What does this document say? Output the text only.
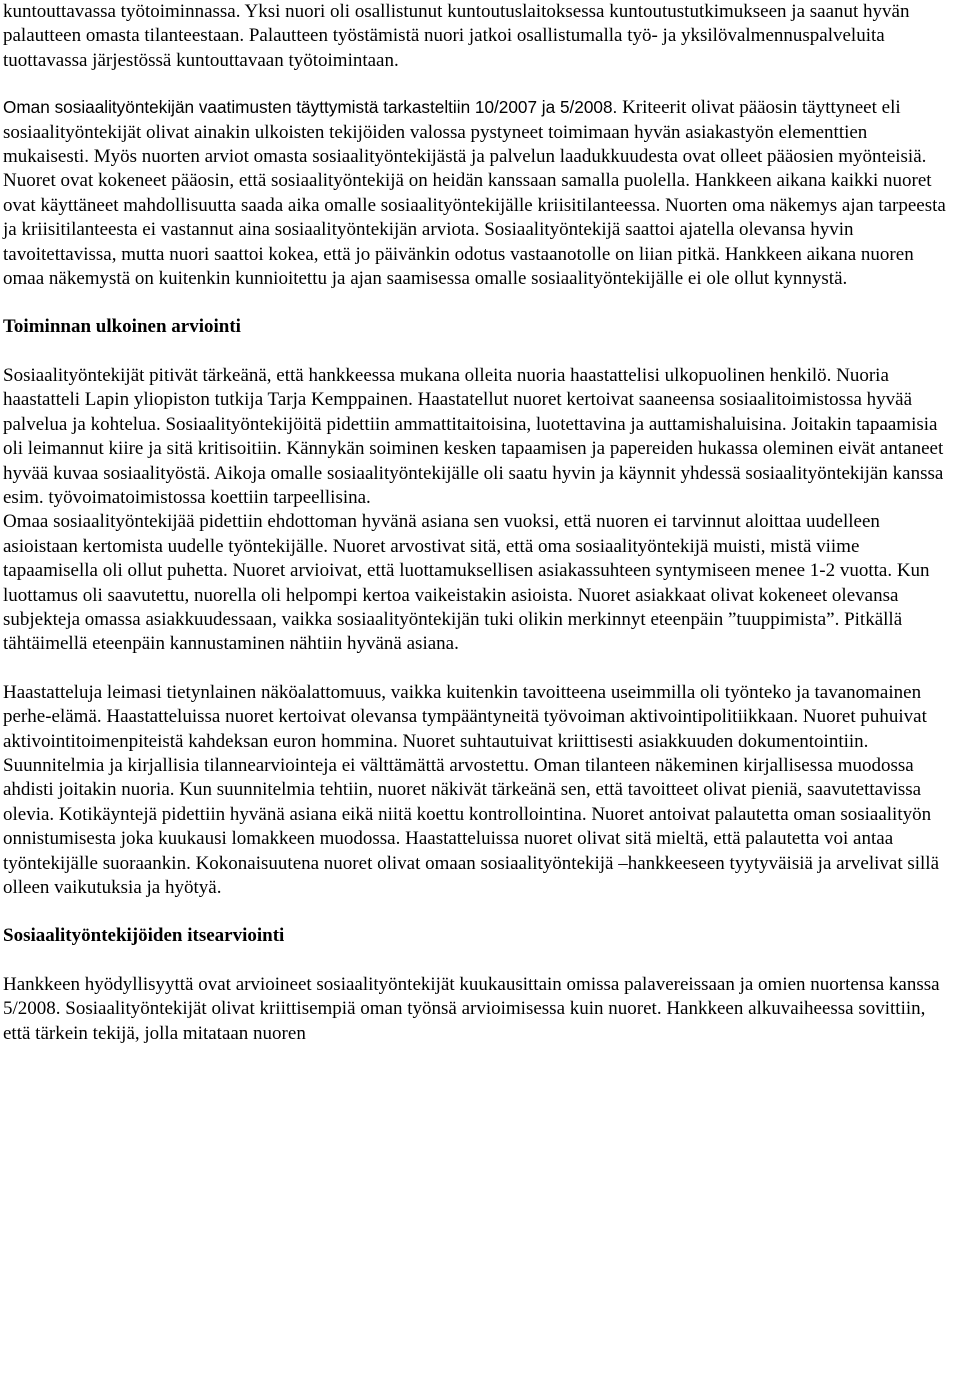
kuntouttavassa työtoiminnassa. Yksi nuori oli osallistunut kuntoutuslaitoksessa kuntoutustutkimukseen ja saanut hyvän palautteen omasta tilanteestaan. Palautteen työstämistä nuori jatkoi osallistumalla työ- ja yksilövalmennuspalveluita tuottavassa järjestössä kuntouttavaan työtoimintaan.

Oman sosiaalityöntekijän vaatimusten täyttymistä tarkasteltiin 10/2007 ja 5/2008. Kriteerit olivat pääosin täyttyneet eli sosiaalityöntekijät olivat ainakin ulkoisten tekijöiden valossa pystyneet toimimaan hyvän asiakastyön elementtien mukaisesti. Myös nuorten arviot omasta sosiaalityöntekijästä ja palvelun laadukkuudesta ovat olleet pääosien myönteisiä. Nuoret ovat kokeneet pääosin, että sosiaalityöntekijä on heidän kanssaan samalla puolella. Hankkeen aikana kaikki nuoret ovat käyttäneet mahdollisuutta saada aika omalle sosiaalityöntekijälle kriisitilanteessa. Nuorten oma näkemys ajan tarpeesta ja kriisitilanteesta ei vastannut aina sosiaalityöntekijän arviota. Sosiaalityöntekijä saattoi ajatella olevansa hyvin tavoitettavissa, mutta nuori saattoi kokea, että jo päivänkin odotus vastaanotolle on liian pitkä. Hankkeen aikana nuoren omaa näkemystä on kuitenkin kunnioitettu ja ajan saamisessa omalle sosiaalityöntekijälle ei ole ollut kynnystä.

Toiminnan ulkoinen arviointi

Sosiaalityöntekijät pitivät tärkeänä, että hankkeessa mukana olleita nuoria haastattelisi ulkopuolinen henkilö. Nuoria haastatteli Lapin yliopiston tutkija Tarja Kemppainen. Haastatellut nuoret kertoivat saaneensa sosiaalitoimistossa hyvää palvelua ja kohtelua. Sosiaalityöntekijöitä pidettiin ammattitaitoisina, luotettavina ja auttamishaluisina. Joitakin tapaamisia oli leimannut kiire ja sitä kritisoitiin. Kännykän soiminen kesken tapaamisen ja papereiden hukassa oleminen eivät antaneet hyvää kuvaa sosiaalityöstä. Aikoja omalle sosiaalityöntekijälle oli saatu hyvin ja käynnit yhdessä sosiaalityöntekijän kanssa esim. työvoimatoimistossa koettiin tarpeellisina.

Omaa sosiaalityöntekijää pidettiin ehdottoman hyvänä asiana sen vuoksi, että nuoren ei tarvinnut aloittaa uudelleen asioistaan kertomista uudelle työntekijälle. Nuoret arvostivat sitä, että oma sosiaalityöntekijä muisti, mistä viime tapaamisella oli ollut puhetta. Nuoret arvioivat, että luottamuksellisen asiakassuhteen syntymiseen menee 1-2 vuotta. Kun luottamus oli saavutettu, nuorella oli helpompi kertoa vaikeistakin asioista. Nuoret asiakkaat olivat kokeneet olevansa subjekteja omassa asiakkuudessaan, vaikka sosiaalityöntekijän tuki olikin merkinnyt eteenpäin ”tuuppimista”. Pitkällä tähtäimellä eteenpäin kannustaminen nähtiin hyvänä asiana.

Haastatteluja leimasi tietynlainen näköalattomuus, vaikka kuitenkin tavoitteena useimmilla oli työnteko ja tavanomainen perhe-elämä. Haastatteluissa nuoret kertoivat olevansa tympääntyneitä työvoiman aktivointipolitiikkaan. Nuoret puhuivat aktivointitoimenpiteistä kahdeksan euron hommina. Nuoret suhtautuivat kriittisesti asiakkuuden dokumentointiin. Suunnitelmia ja kirjallisia tilannearviointeja ei välttämättä arvostettu. Oman tilanteen näkeminen kirjallisessa muodossa ahdisti joitakin nuoria. Kun suunnitelmia tehtiin, nuoret näkivät tärkeänä sen, että tavoitteet olivat pieniä, saavutettavissa olevia. Kotikäyntejä pidettiin hyvänä asiana eikä niitä koettu kontrollointina. Nuoret antoivat palautetta oman sosiaalityön onnistumisesta joka kuukausi lomakkeen muodossa. Haastatteluissa nuoret olivat sitä mieltä, että palautetta voi antaa työntekijälle suoraankin. Kokonaisuutena nuoret olivat omaan sosiaalityöntekijä –hankkeeseen tyytyväisiä ja arvelivat sillä olleen vaikutuksia ja hyötyä.

Sosiaalityöntekijöiden itsearviointi

Hankkeen hyödyllisyyttä ovat arvioineet sosiaalityöntekijät kuukausittain omissa palavereissaan ja omien nuortensa kanssa 5/2008. Sosiaalityöntekijät olivat kriittisempiä oman työnsä arvioimisessa kuin nuoret. Hankkeen alkuvaiheessa sovittiin, että tärkein tekijä, jolla mitataan nuoren
